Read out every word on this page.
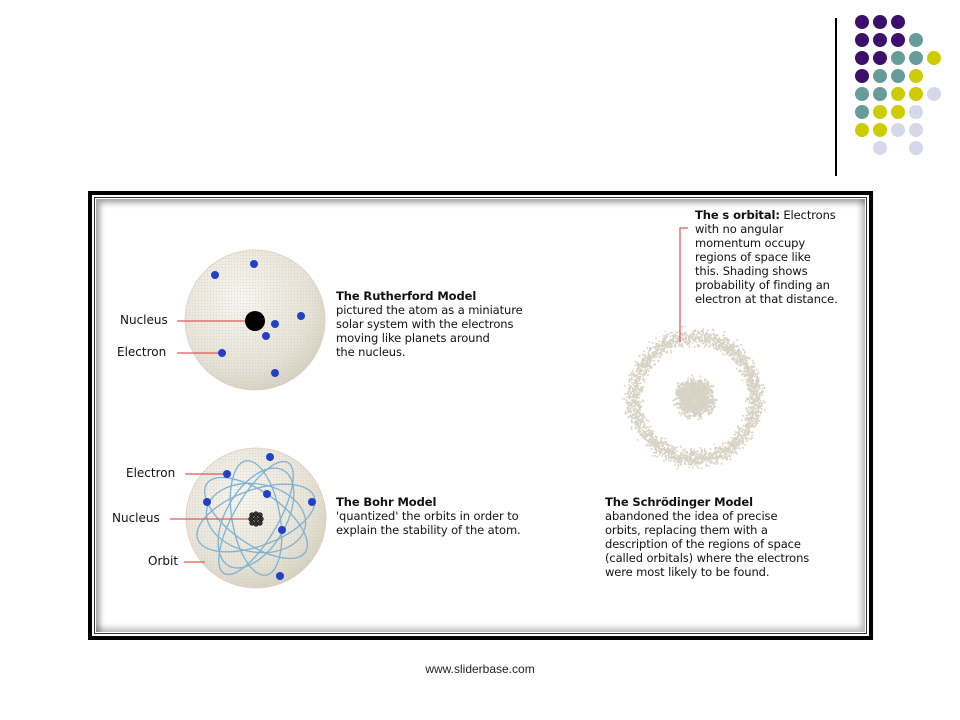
Nucleus
Electron
The Rutherford Model
pictured the atom as a miniature
solar system with the electrons
moving like planets around
the nucleus.
Electron
Nucleus
Orbit
The Bohr Model
'quantized' the orbits in order to
explain the stability of the atom.
The s orbital: Electrons
with no angular
momentum occupy
regions of space like
this. Shading shows
probability of finding an
electron at that distance.
The Schrödinger Model
abandoned the idea of precise
orbits, replacing them with a
description of the regions of space
(called orbitals) where the electrons
were most likely to be found.
www.sliderbase.com
